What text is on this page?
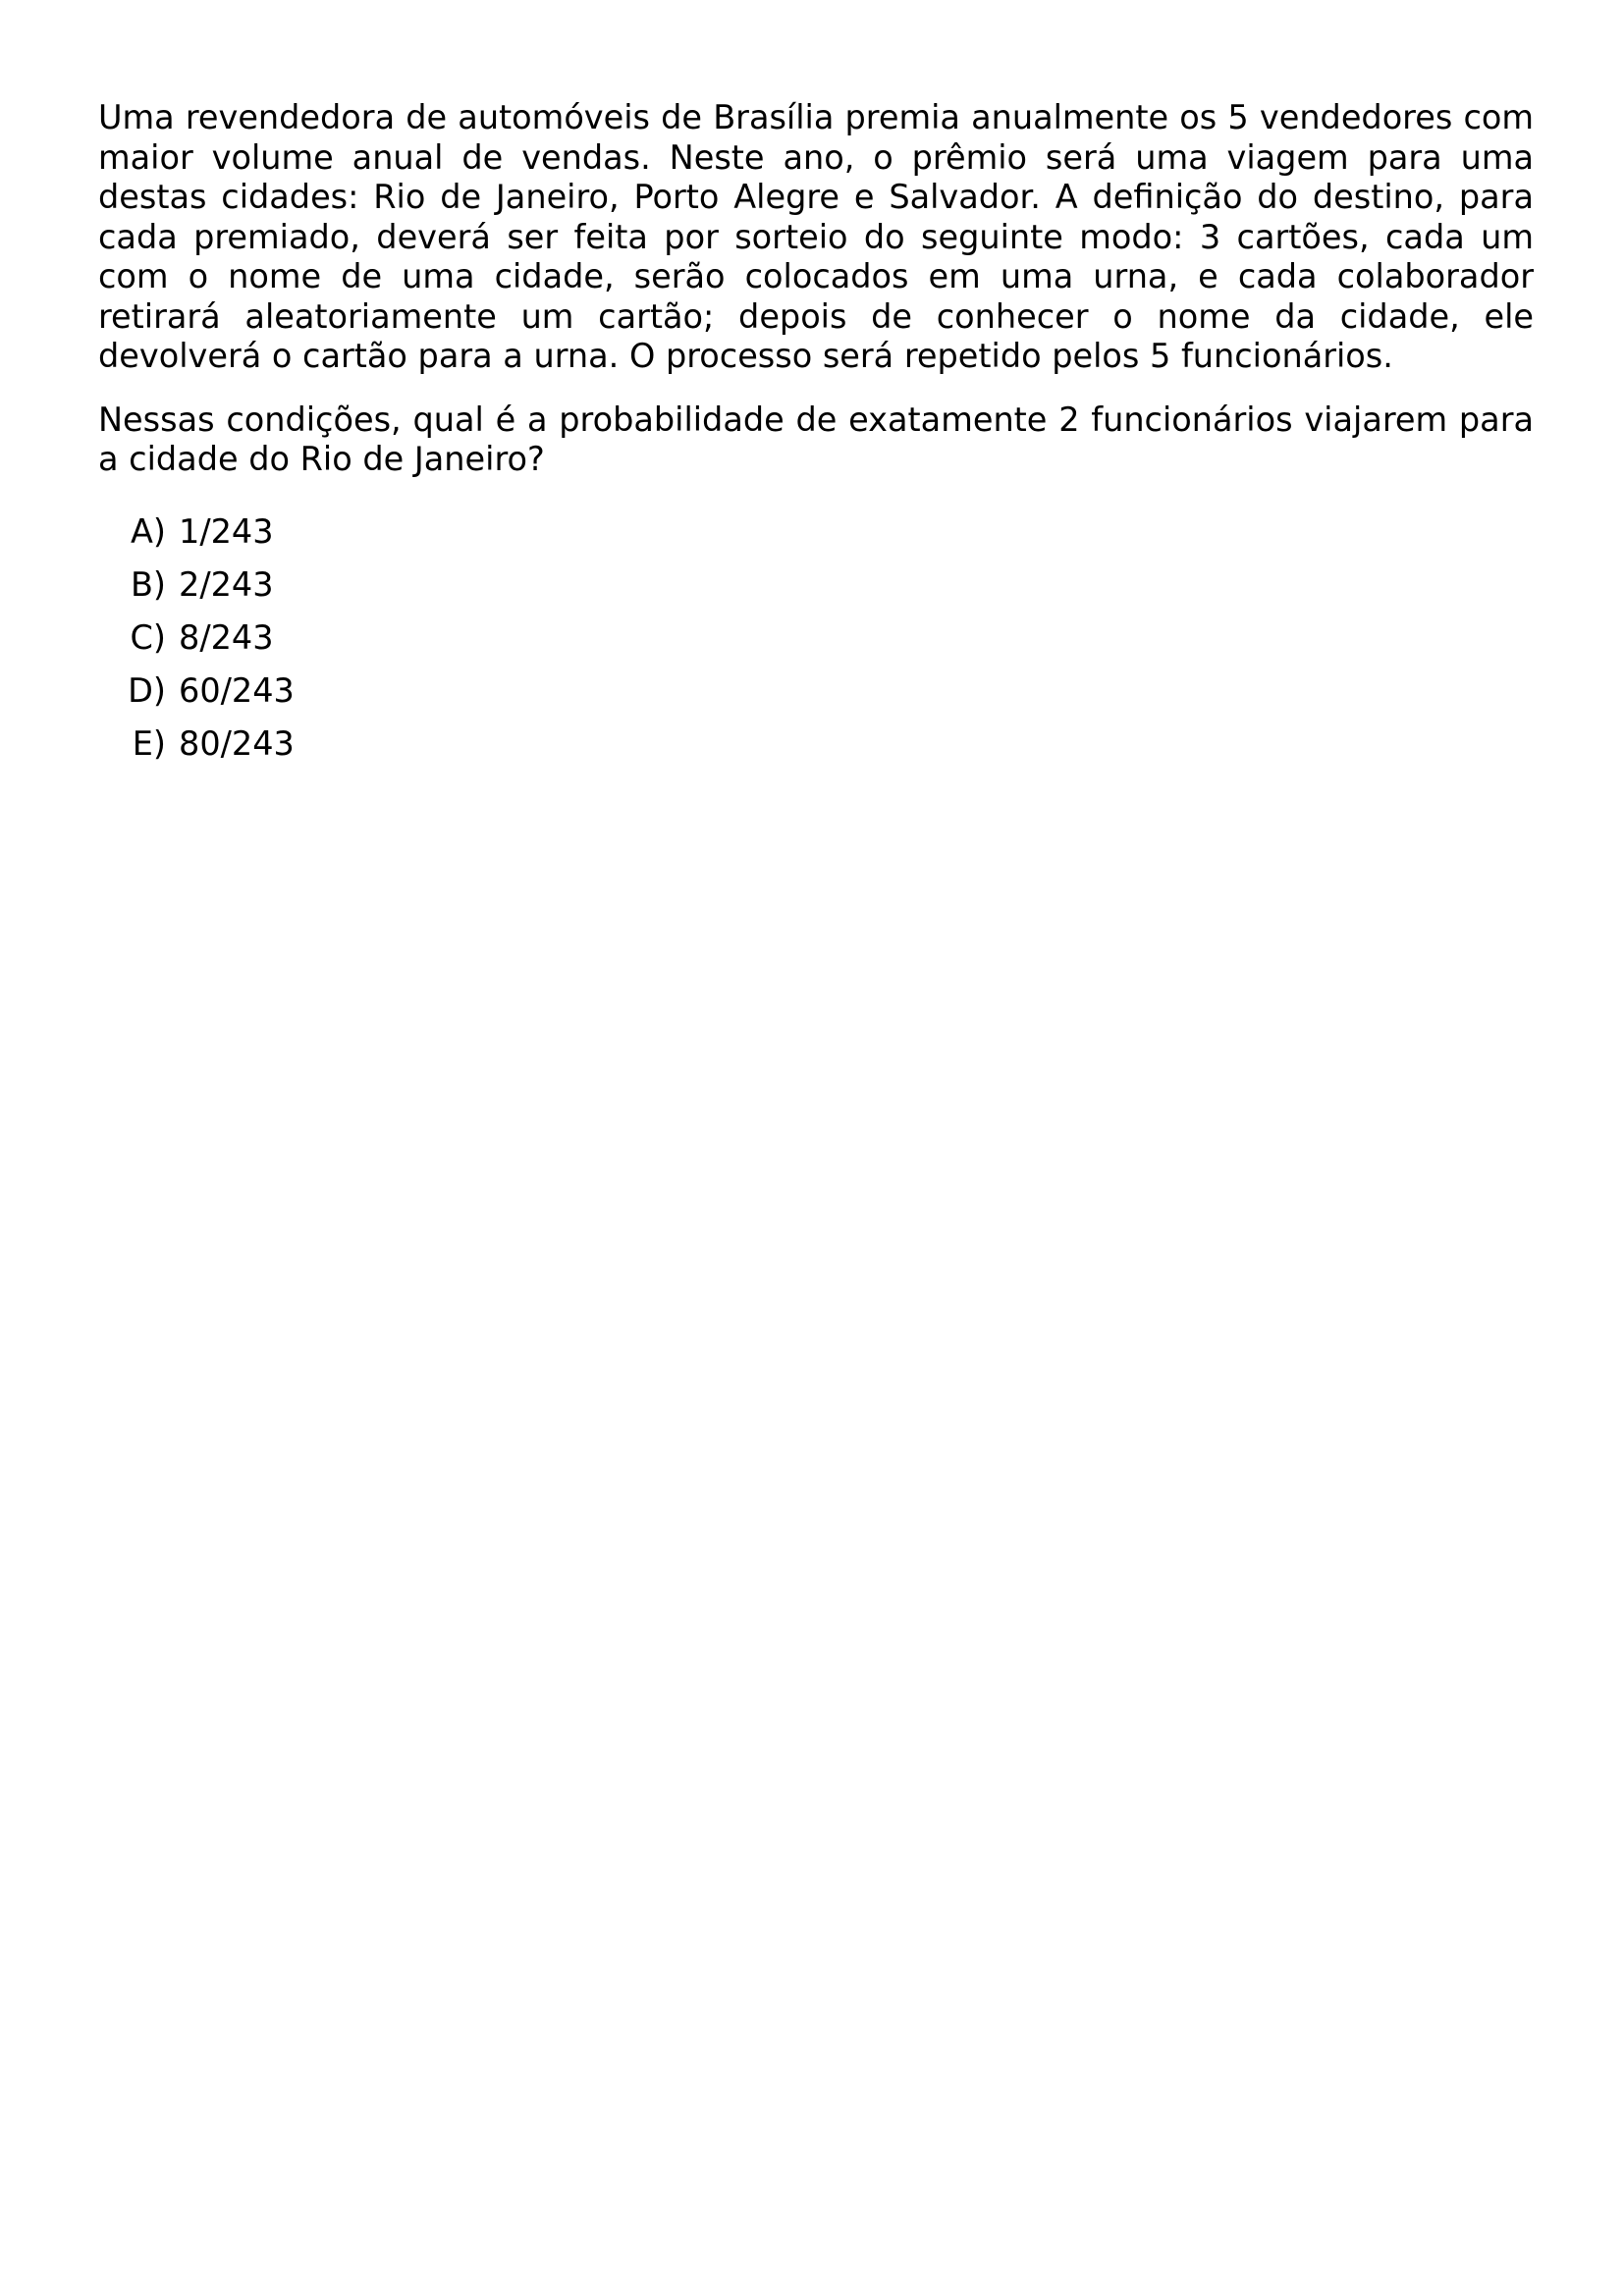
Uma revendedora de automóveis de Brasília premia anualmente os 5 vendedores com maior volume anual de vendas. Neste ano, o prêmio será uma viagem para uma destas cidades: Rio de Janeiro, Porto Alegre e Salvador. A definição do destino, para cada premiado, deverá ser feita por sorteio do seguinte modo: 3 cartões, cada um com o nome de uma cidade, serão colocados em uma urna, e cada colaborador retirará aleatoriamente um cartão; depois de conhecer o nome da cidade, ele devolverá o cartão para a urna. O processo será repetido pelos 5 funcionários.

Nessas condições, qual é a probabilidade de exatamente 2 funcionários viajarem para a cidade do Rio de Janeiro?

A) 1/243
B) 2/243
C) 8/243
D) 60/243
E) 80/243
